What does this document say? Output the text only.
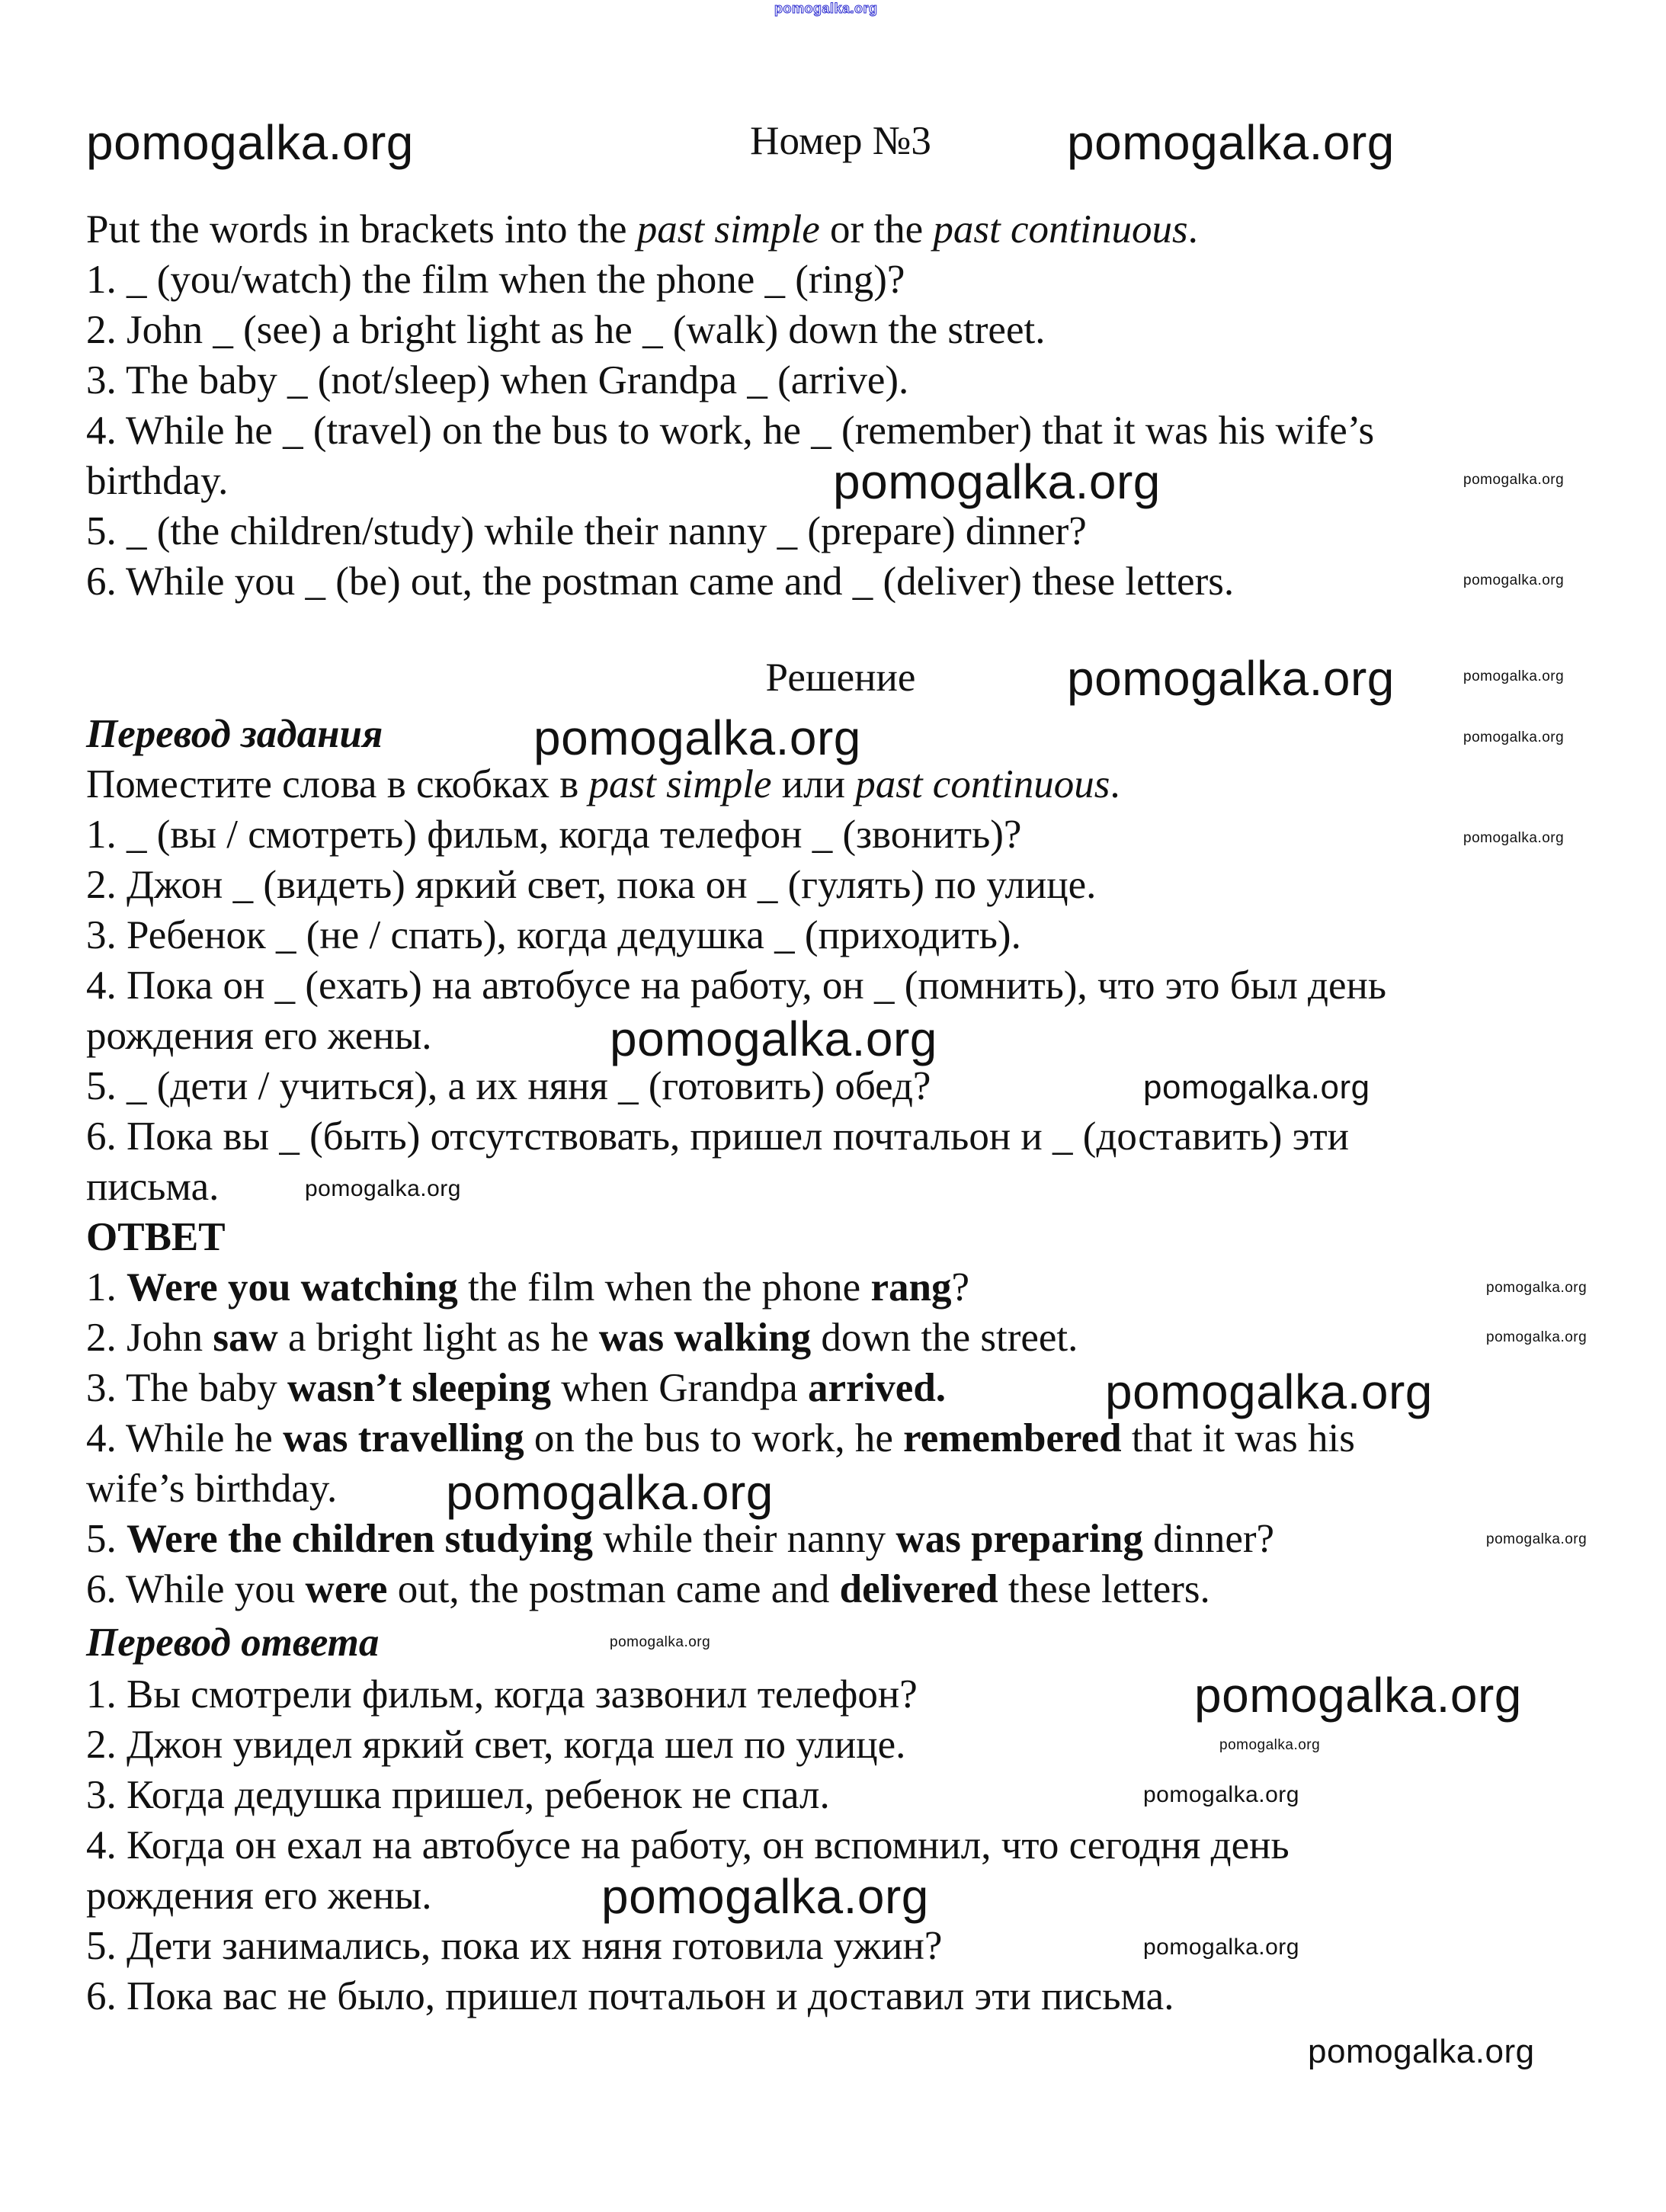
Номер №3
Put the words in brackets into the past simple or the past continuous.
1. _ (you/watch) the film when the phone _ (ring)?
2. John _ (see) a bright light as he _ (walk) down the street.
3. The baby _ (not/sleep) when Grandpa _ (arrive).
4. While he _ (travel) on the bus to work, he _ (remember) that it was his wife’s
birthday.
5. _ (the children/study) while their nanny _ (prepare) dinner?
6. While you _ (be) out, the postman came and _ (deliver) these letters.
Решение
Перевод задания
Поместите слова в скобках в past simple или past continuous.
1. _ (вы / смотреть) фильм, когда телефон _ (звонить)?
2. Джон _ (видеть) яркий свет, пока он _ (гулять) по улице.
3. Ребенок _ (не / спать), когда дедушка _ (приходить).
4. Пока он _ (ехать) на автобусе на работу, он _ (помнить), что это был день
рождения его жены.
5. _ (дети / учиться), а их няня _ (готовить) обед?
6. Пока вы _ (быть) отсутствовать, пришел почтальон и _ (доставить) эти
письма.
ОТВЕТ
1. Were you watching the film when the phone rang?
2. John saw a bright light as he was walking down the street.
3. The baby wasn’t sleeping when Grandpa arrived.
4. While he was travelling on the bus to work, he remembered that it was his
wife’s birthday.
5. Were the children studying while their nanny was preparing dinner?
6. While you were out, the postman came and delivered these letters.
Перевод ответа
1. Вы смотрели фильм, когда зазвонил телефон?
2. Джон увидел яркий свет, когда шел по улице.
3. Когда дедушка пришел, ребенок не спал.
4. Когда он ехал на автобусе на работу, он вспомнил, что сегодня день
рождения его жены.
5. Дети занимались, пока их няня готовила ужин?
6. Пока вас не было, пришел почтальон и доставил эти письма.
pomogalka.org
pomogalka.org	pomogalka.org
pomogalka.org	pomogalka.org
pomogalka.org
pomogalka.org
pomogalka.org	pomogalka.org
pomogalka.org
pomogalka.org
pomogalka.org
pomogalka.org
pomogalka.org
pomogalka.org
pomogalka.org
pomogalka.org
pomogalka.org
pomogalka.org
pomogalka.org
pomogalka.org
pomogalka.org
pomogalka.org
pomogalka.org
pomogalka.org
pomogalka.org
